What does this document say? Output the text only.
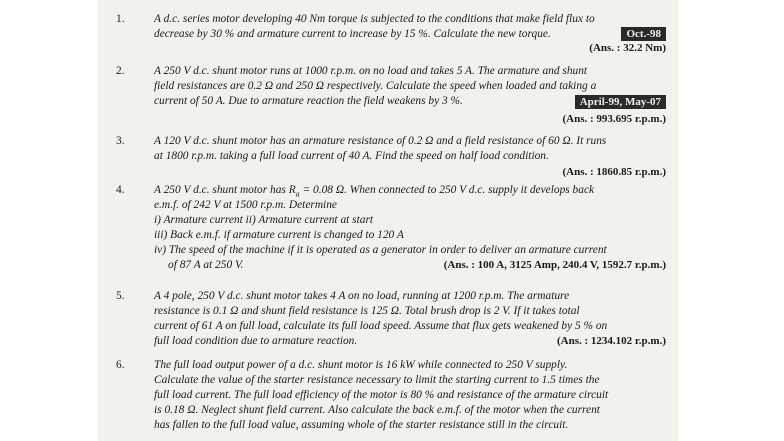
1.	A d.c. series motor developing 40 Nm torque is subjected to the conditions that make field flux to
decrease by 30 % and armature current to increase by 15 %. Calculate the new torque.	Oct.-98
(Ans. : 32.2 Nm)
2.	A 250 V d.c. shunt motor runs at 1000 r.p.m. on no load and takes 5 A. The armature and shunt
field resistances are 0.2 Ω and 250 Ω respectively. Calculate the speed when loaded and taking a
current of 50 A. Due to armature reaction the field weakens by 3 %.	April-99, May-07
(Ans. : 993.695 r.p.m.)
3.	A 120 V d.c. shunt motor has an armature resistance of 0.2 Ω and a field resistance of 60 Ω. It runs
at 1800 r.p.m. taking a full load current of 40 A. Find the speed on half load condition.
(Ans. : 1860.85 r.p.m.)
4.	A 250 V d.c. shunt motor has $R_a = 0.08$ Ω. When connected to 250 V d.c. supply it develops back
e.m.f. of 242 V at 1500 r.p.m. Determine
i) Armature current ii) Armature current at start
iii) Back e.m.f. if armature current is changed to 120 A
iv) The speed of the machine if it is operated as a generator in order to deliver an armature current
of 87 A at 250 V.	(Ans. : 100 A, 3125 Amp, 240.4 V, 1592.7 r.p.m.)
5.	A 4 pole, 250 V d.c. shunt motor takes 4 A on no load, running at 1200 r.p.m. The armature
resistance is 0.1 Ω and shunt field resistance is 125 Ω. Total brush drop is 2 V. If it takes total
current of 61 A on full load, calculate its full load speed. Assume that flux gets weakened by 5 % on
full load condition due to armature reaction.	(Ans. : 1234.102 r.p.m.)
6.	The full load output power of a d.c. shunt motor is 16 kW while connected to 250 V supply.
Calculate the value of the starter resistance necessary to limit the starting current to 1.5 times the
full load current. The full load efficiency of the motor is 80 % and resistance of the armature circuit
is 0.18 Ω. Neglect shunt field current. Also calculate the back e.m.f. of the motor when the current
has fallen to the full load value, assuming whole of the starter resistance still in the circuit.
